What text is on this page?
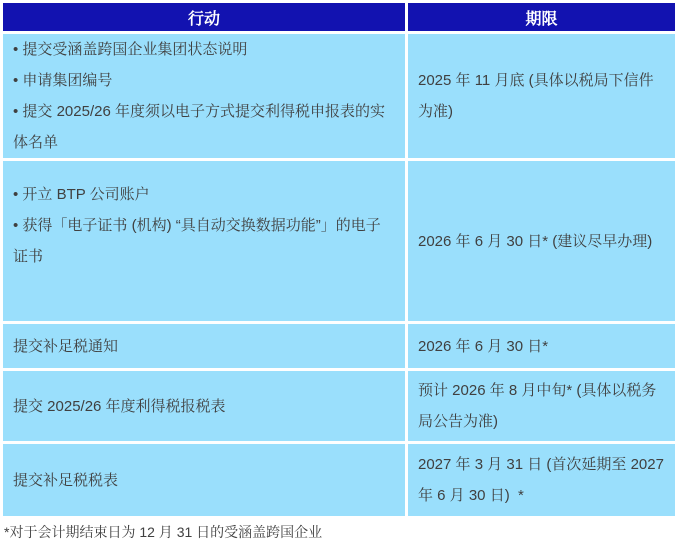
行动	期限

• 提交受涵盖跨国企业集团状态说明
• 申请集团编号
• 提交 2025/26 年度须以电子方式提交利得税申报表的实体名单	2025 年 11 月底 (具体以税局下信件为准)

• 开立 BTP 公司账户
• 获得「电子证书 (机构) “具自动交换数据功能”」的电子证书	2026 年 6 月 30 日* (建议尽早办理)

提交补足税通知	2026 年 6 月 30 日*

提交 2025/26 年度利得税报税表	预计 2026 年 8 月中旬* (具体以税务局公告为准)

提交补足税税表	2027 年 3 月 31 日 (首次延期至 2027 年 6 月 30 日)  *
*对于会计期结束日为 12 月 31 日的受涵盖跨国企业
